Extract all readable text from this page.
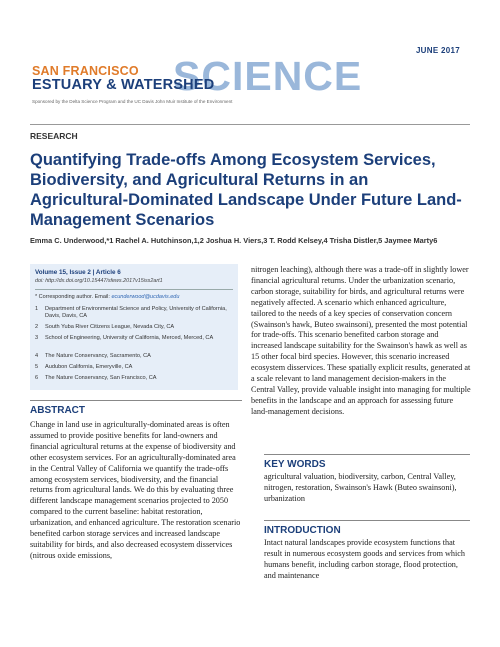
JUNE 2017
SCIENCE
SAN FRANCISCO
ESTUARY & WATERSHED
Sponsored by the Delta Science Program and the UC Davis John Muir Institute of the Environment
RESEARCH
Quantifying Trade-offs Among Ecosystem Services, Biodiversity, and Agricultural Returns in an Agricultural-Dominated Landscape Under Future Land-Management Scenarios
Emma C. Underwood,*1 Rachel A. Hutchinson,1,2 Joshua H. Viers,3 T. Rodd Kelsey,4 Trisha Distler,5 Jaymee Marty6
Volume 15, Issue 2 | Article 6
doi: http://dx.doi.org/10.15447/sfews.2017v15iss2art1
* Corresponding author. Email: ecunderwood@ucdavis.edu
1 Department of Environmental Science and Policy, University of California, Davis, Davis, CA
2 South Yuba River Citizens League, Nevada City, CA
3 School of Engineering, University of California, Merced, Merced, CA
4 The Nature Conservancy, Sacramento, CA
5 Audubon California, Emeryville, CA
6 The Nature Conservancy, San Francisco, CA
ABSTRACT
Change in land use in agriculturally-dominated areas is often assumed to provide positive benefits for land-owners and financial agricultural returns at the expense of biodiversity and other ecosystem services. For an agriculturally-dominated area in the Central Valley of California we quantify the trade-offs among ecosystem services, biodiversity, and the financial returns from agricultural lands. We do this by evaluating three different landscape management scenarios projected to 2050 compared to the current baseline: habitat restoration, urbanization, and enhanced agriculture. The restoration scenario benefited carbon storage services and increased landscape suitability for birds, and also decreased ecosystem disservices (nitrous oxide emissions,
nitrogen leaching), although there was a trade-off in slightly lower financial agricultural returns. Under the urbanization scenario, carbon storage, suitability for birds, and agricultural returns were negatively affected. A scenario which enhanced agriculture, tailored to the needs of a key species of conservation concern (Swainson's hawk, Buteo swainsoni), presented the most potential for trade-offs. This scenario benefited carbon storage and increased landscape suitability for the Swainson's hawk as well as 15 other focal bird species. However, this scenario increased ecosystem disservices. These spatially explicit results, generated at a scale relevant to land management decision-makers in the Central Valley, provide valuable insight into managing for multiple benefits in the landscape and an approach for assessing future land-management decisions.
KEY WORDS
agricultural valuation, biodiversity, carbon, Central Valley, nitrogen, restoration, Swainson's Hawk (Buteo swainsoni), urbanization
INTRODUCTION
Intact natural landscapes provide ecosystem functions that result in numerous ecosystem goods and services from which humans benefit, including carbon storage, flood protection, and maintenance
